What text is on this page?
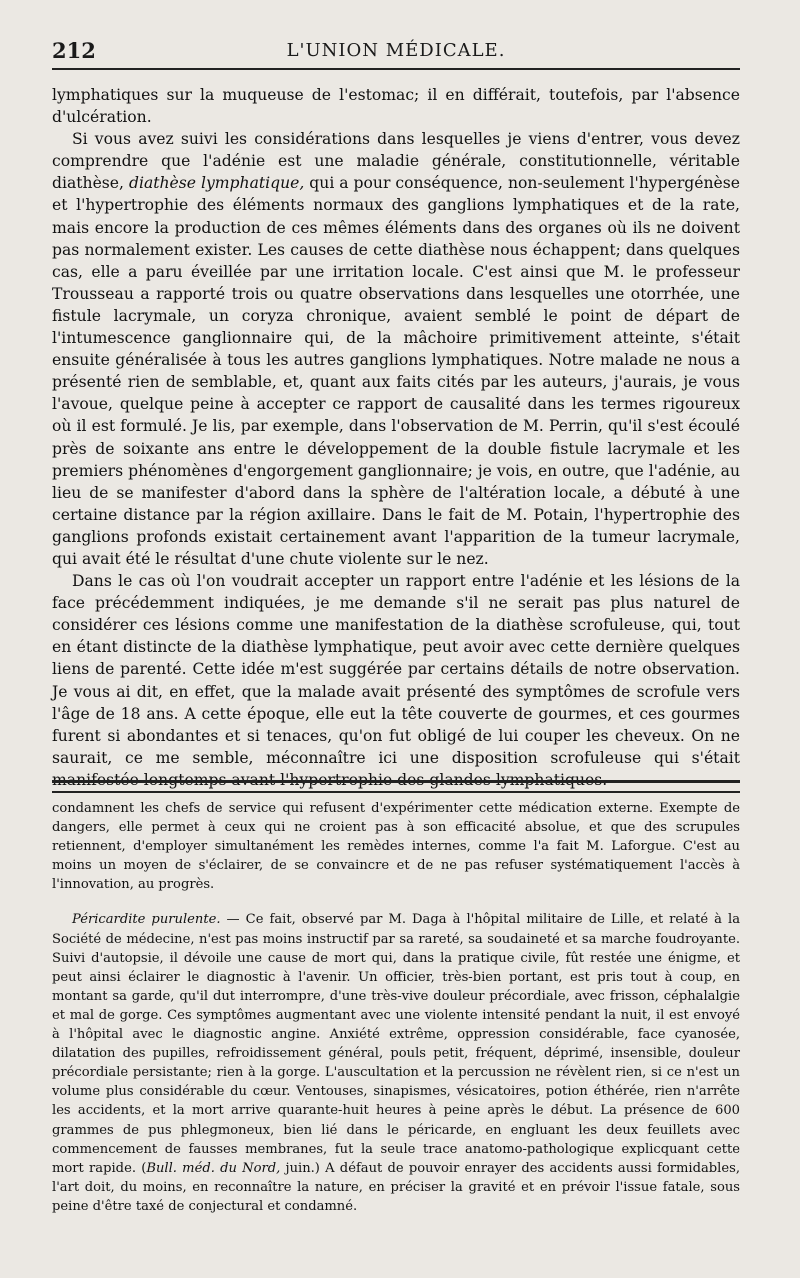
212	L'UNION MÉDICALE.

lymphatiques sur la muqueuse de l'estomac; il en différait, toutefois, par l'absence d'ulcération.

Si vous avez suivi les considérations dans lesquelles je viens d'entrer, vous devez comprendre que l'adénie est une maladie générale, constitutionnelle, véritable diathèse, diathèse lymphatique, qui a pour conséquence, non-seulement l'hypergénèse et l'hypertrophie des éléments normaux des ganglions lymphatiques et de la rate, mais encore la production de ces mêmes éléments dans des organes où ils ne doivent pas normalement exister. Les causes de cette diathèse nous échappent; dans quelques cas, elle a paru éveillée par une irritation locale. C'est ainsi que M. le professeur Trousseau a rapporté trois ou quatre observations dans lesquelles une otorrhée, une fistule lacrymale, un coryza chronique, avaient semblé le point de départ de l'intumescence ganglionnaire qui, de la mâchoire primitivement atteinte, s'était ensuite généralisée à tous les autres ganglions lymphatiques. Notre malade ne nous a présenté rien de semblable, et, quant aux faits cités par les auteurs, j'aurais, je vous l'avoue, quelque peine à accepter ce rapport de causalité dans les termes rigoureux où il est formulé. Je lis, par exemple, dans l'observation de M. Perrin, qu'il s'est écoulé près de soixante ans entre le développement de la double fistule lacrymale et les premiers phénomènes d'engorgement ganglionnaire; je vois, en outre, que l'adénie, au lieu de se manifester d'abord dans la sphère de l'altération locale, a débuté à une certaine distance par la région axillaire. Dans le fait de M. Potain, l'hypertrophie des ganglions profonds existait certainement avant l'apparition de la tumeur lacrymale, qui avait été le résultat d'une chute violente sur le nez.

Dans le cas où l'on voudrait accepter un rapport entre l'adénie et les lésions de la face précédemment indiquées, je me demande s'il ne serait pas plus naturel de considérer ces lésions comme une manifestation de la diathèse scrofuleuse, qui, tout en étant distincte de la diathèse lymphatique, peut avoir avec cette dernière quelques liens de parenté. Cette idée m'est suggérée par certains détails de notre observation. Je vous ai dit, en effet, que la malade avait présenté des symptômes de scrofule vers l'âge de 18 ans. A cette époque, elle eut la tête couverte de gourmes, et ces gourmes furent si abondantes et si tenaces, qu'on fut obligé de lui couper les cheveux. On ne saurait, ce me semble, méconnaître ici une disposition scrofuleuse qui s'était manifestée longtemps avant l'hypertrophie des glandes lymphatiques.

condamnent les chefs de service qui refusent d'expérimenter cette médication externe. Exempte de dangers, elle permet à ceux qui ne croient pas à son efficacité absolue, et que des scrupules retiennent, d'employer simultanément les remèdes internes, comme l'a fait M. Laforgue. C'est au moins un moyen de s'éclairer, de se convaincre et de ne pas refuser systématiquement l'accès à l'innovation, au progrès.

Péricardite purulente. — Ce fait, observé par M. Daga à l'hôpital militaire de Lille, et relaté à la Société de médecine, n'est pas moins instructif par sa rareté, sa soudaineté et sa marche foudroyante. Suivi d'autopsie, il dévoile une cause de mort qui, dans la pratique civile, fût restée une énigme, et peut ainsi éclairer le diagnostic à l'avenir. Un officier, très-bien portant, est pris tout à coup, en montant sa garde, qu'il dut interrompre, d'une très-vive douleur précordiale, avec frisson, céphalalgie et mal de gorge. Ces symptômes augmentant avec une violente intensité pendant la nuit, il est envoyé à l'hôpital avec le diagnostic angine. Anxiété extrême, oppression considérable, face cyanosée, dilatation des pupilles, refroidissement général, pouls petit, fréquent, déprimé, insensible, douleur précordiale persistante; rien à la gorge. L'auscultation et la percussion ne révèlent rien, si ce n'est un volume plus considérable du cœur. Ventouses, sinapismes, vésicatoires, potion éthérée, rien n'arrête les accidents, et la mort arrive quarante-huit heures à peine après le début. La présence de 600 grammes de pus phlegmoneux, bien lié dans le péricarde, en engluant les deux feuillets avec commencement de fausses membranes, fut la seule trace anatomo-pathologique explicquant cette mort rapide. (Bull. méd. du Nord, juin.) A défaut de pouvoir enrayer des accidents aussi formidables, l'art doit, du moins, en reconnaître la nature, en préciser la gravité et en prévoir l'issue fatale, sous peine d'être taxé de conjectural et condamné.
